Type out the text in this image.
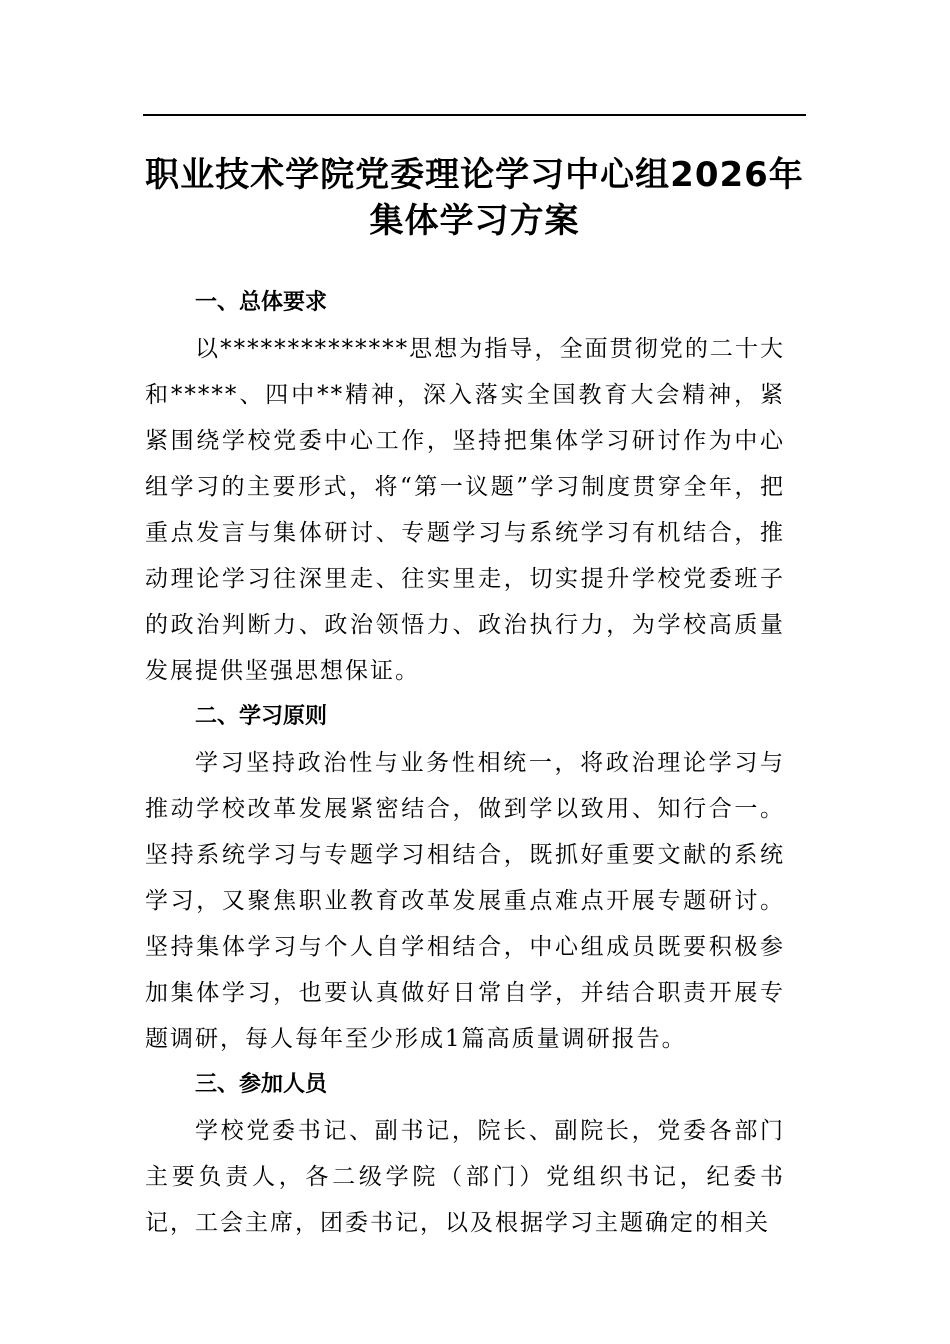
职业技术学院党委理论学习中心组2026年
集体学习方案
一、总体要求

以**************思想为指导，全面贯彻党的二十大和*****、四中**精神，深入落实全国教育大会精神，紧紧围绕学校党委中心工作，坚持把集体学习研讨作为中心组学习的主要形式，将“第一议题”学习制度贯穿全年，把重点发言与集体研讨、专题学习与系统学习有机结合，推动理论学习往深里走、往实里走，切实提升学校党委班子的政治判断力、政治领悟力、政治执行力，为学校高质量发展提供坚强思想保证。

二、学习原则

学习坚持政治性与业务性相统一，将政治理论学习与推动学校改革发展紧密结合，做到学以致用、知行合一。坚持系统学习与专题学习相结合，既抓好重要文献的系统学习，又聚焦职业教育改革发展重点难点开展专题研讨。坚持集体学习与个人自学相结合，中心组成员既要积极参加集体学习，也要认真做好日常自学，并结合职责开展专题调研，每人每年至少形成1篇高质量调研报告。

三、参加人员

学校党委书记、副书记，院长、副院长，党委各部门主要负责人，各二级学院（部门）党组织书记，纪委书记，工会主席，团委书记，以及根据学习主题确定的相关
